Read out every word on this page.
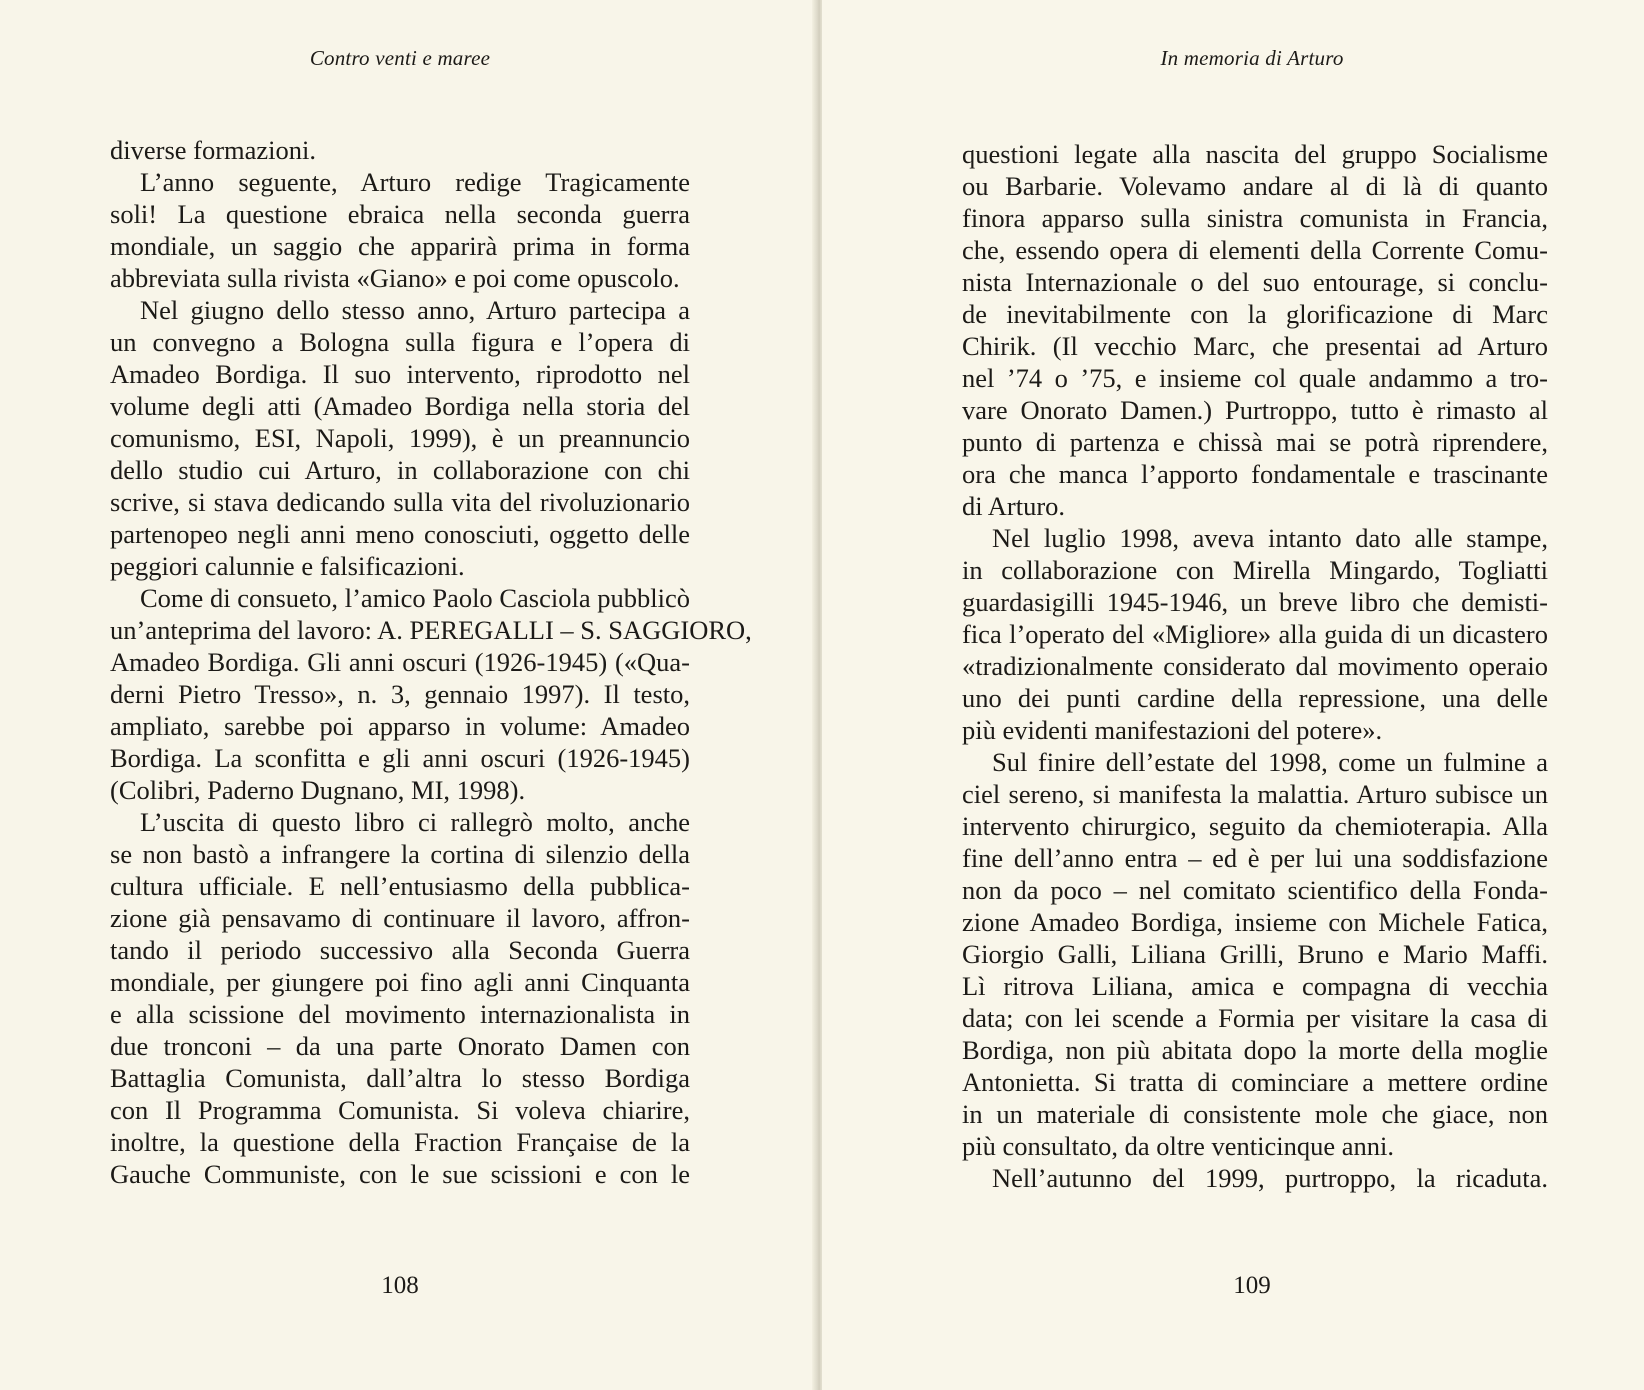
Contro venti e maree
diverse formazioni.
L’anno seguente, Arturo redige Tragicamente
soli! La questione ebraica nella seconda guerra
mondiale, un saggio che apparirà prima in forma
abbreviata sulla rivista «Giano» e poi come opuscolo.
Nel giugno dello stesso anno, Arturo partecipa a
un convegno a Bologna sulla figura e l’opera di
Amadeo Bordiga. Il suo intervento, riprodotto nel
volume degli atti (Amadeo Bordiga nella storia del
comunismo, ESI, Napoli, 1999), è un preannuncio
dello studio cui Arturo, in collaborazione con chi
scrive, si stava dedicando sulla vita del rivoluzionario
partenopeo negli anni meno conosciuti, oggetto delle
peggiori calunnie e falsificazioni.
Come di consueto, l’amico Paolo Casciola pubblicò
un’anteprima del lavoro: A. PEREGALLI – S. SAGGIORO,
Amadeo Bordiga. Gli anni oscuri (1926-1945) («Qua-
derni Pietro Tresso», n. 3, gennaio 1997). Il testo,
ampliato, sarebbe poi apparso in volume: Amadeo
Bordiga. La sconfitta e gli anni oscuri (1926-1945)
(Colibri, Paderno Dugnano, MI, 1998).
L’uscita di questo libro ci rallegrò molto, anche
se non bastò a infrangere la cortina di silenzio della
cultura ufficiale. E nell’entusiasmo della pubblica-
zione già pensavamo di continuare il lavoro, affron-
tando il periodo successivo alla Seconda Guerra
mondiale, per giungere poi fino agli anni Cinquanta
e alla scissione del movimento internazionalista in
due tronconi – da una parte Onorato Damen con
Battaglia Comunista, dall’altra lo stesso Bordiga
con Il Programma Comunista. Si voleva chiarire,
inoltre, la questione della Fraction Française de la
Gauche Communiste, con le sue scissioni e con le
108
In memoria di Arturo
questioni legate alla nascita del gruppo Socialisme
ou Barbarie. Volevamo andare al di là di quanto
finora apparso sulla sinistra comunista in Francia,
che, essendo opera di elementi della Corrente Comu-
nista Internazionale o del suo entourage, si conclu-
de inevitabilmente con la glorificazione di Marc
Chirik. (Il vecchio Marc, che presentai ad Arturo
nel ’74 o ’75, e insieme col quale andammo a tro-
vare Onorato Damen.) Purtroppo, tutto è rimasto al
punto di partenza e chissà mai se potrà riprendere,
ora che manca l’apporto fondamentale e trascinante
di Arturo.
Nel luglio 1998, aveva intanto dato alle stampe,
in collaborazione con Mirella Mingardo, Togliatti
guardasigilli 1945-1946, un breve libro che demisti-
fica l’operato del «Migliore» alla guida di un dicastero
«tradizionalmente considerato dal movimento operaio
uno dei punti cardine della repressione, una delle
più evidenti manifestazioni del potere».
Sul finire dell’estate del 1998, come un fulmine a
ciel sereno, si manifesta la malattia. Arturo subisce un
intervento chirurgico, seguito da chemioterapia. Alla
fine dell’anno entra – ed è per lui una soddisfazione
non da poco – nel comitato scientifico della Fonda-
zione Amadeo Bordiga, insieme con Michele Fatica,
Giorgio Galli, Liliana Grilli, Bruno e Mario Maffi.
Lì ritrova Liliana, amica e compagna di vecchia
data; con lei scende a Formia per visitare la casa di
Bordiga, non più abitata dopo la morte della moglie
Antonietta. Si tratta di cominciare a mettere ordine
in un materiale di consistente mole che giace, non
più consultato, da oltre venticinque anni.
Nell’autunno del 1999, purtroppo, la ricaduta.
109
